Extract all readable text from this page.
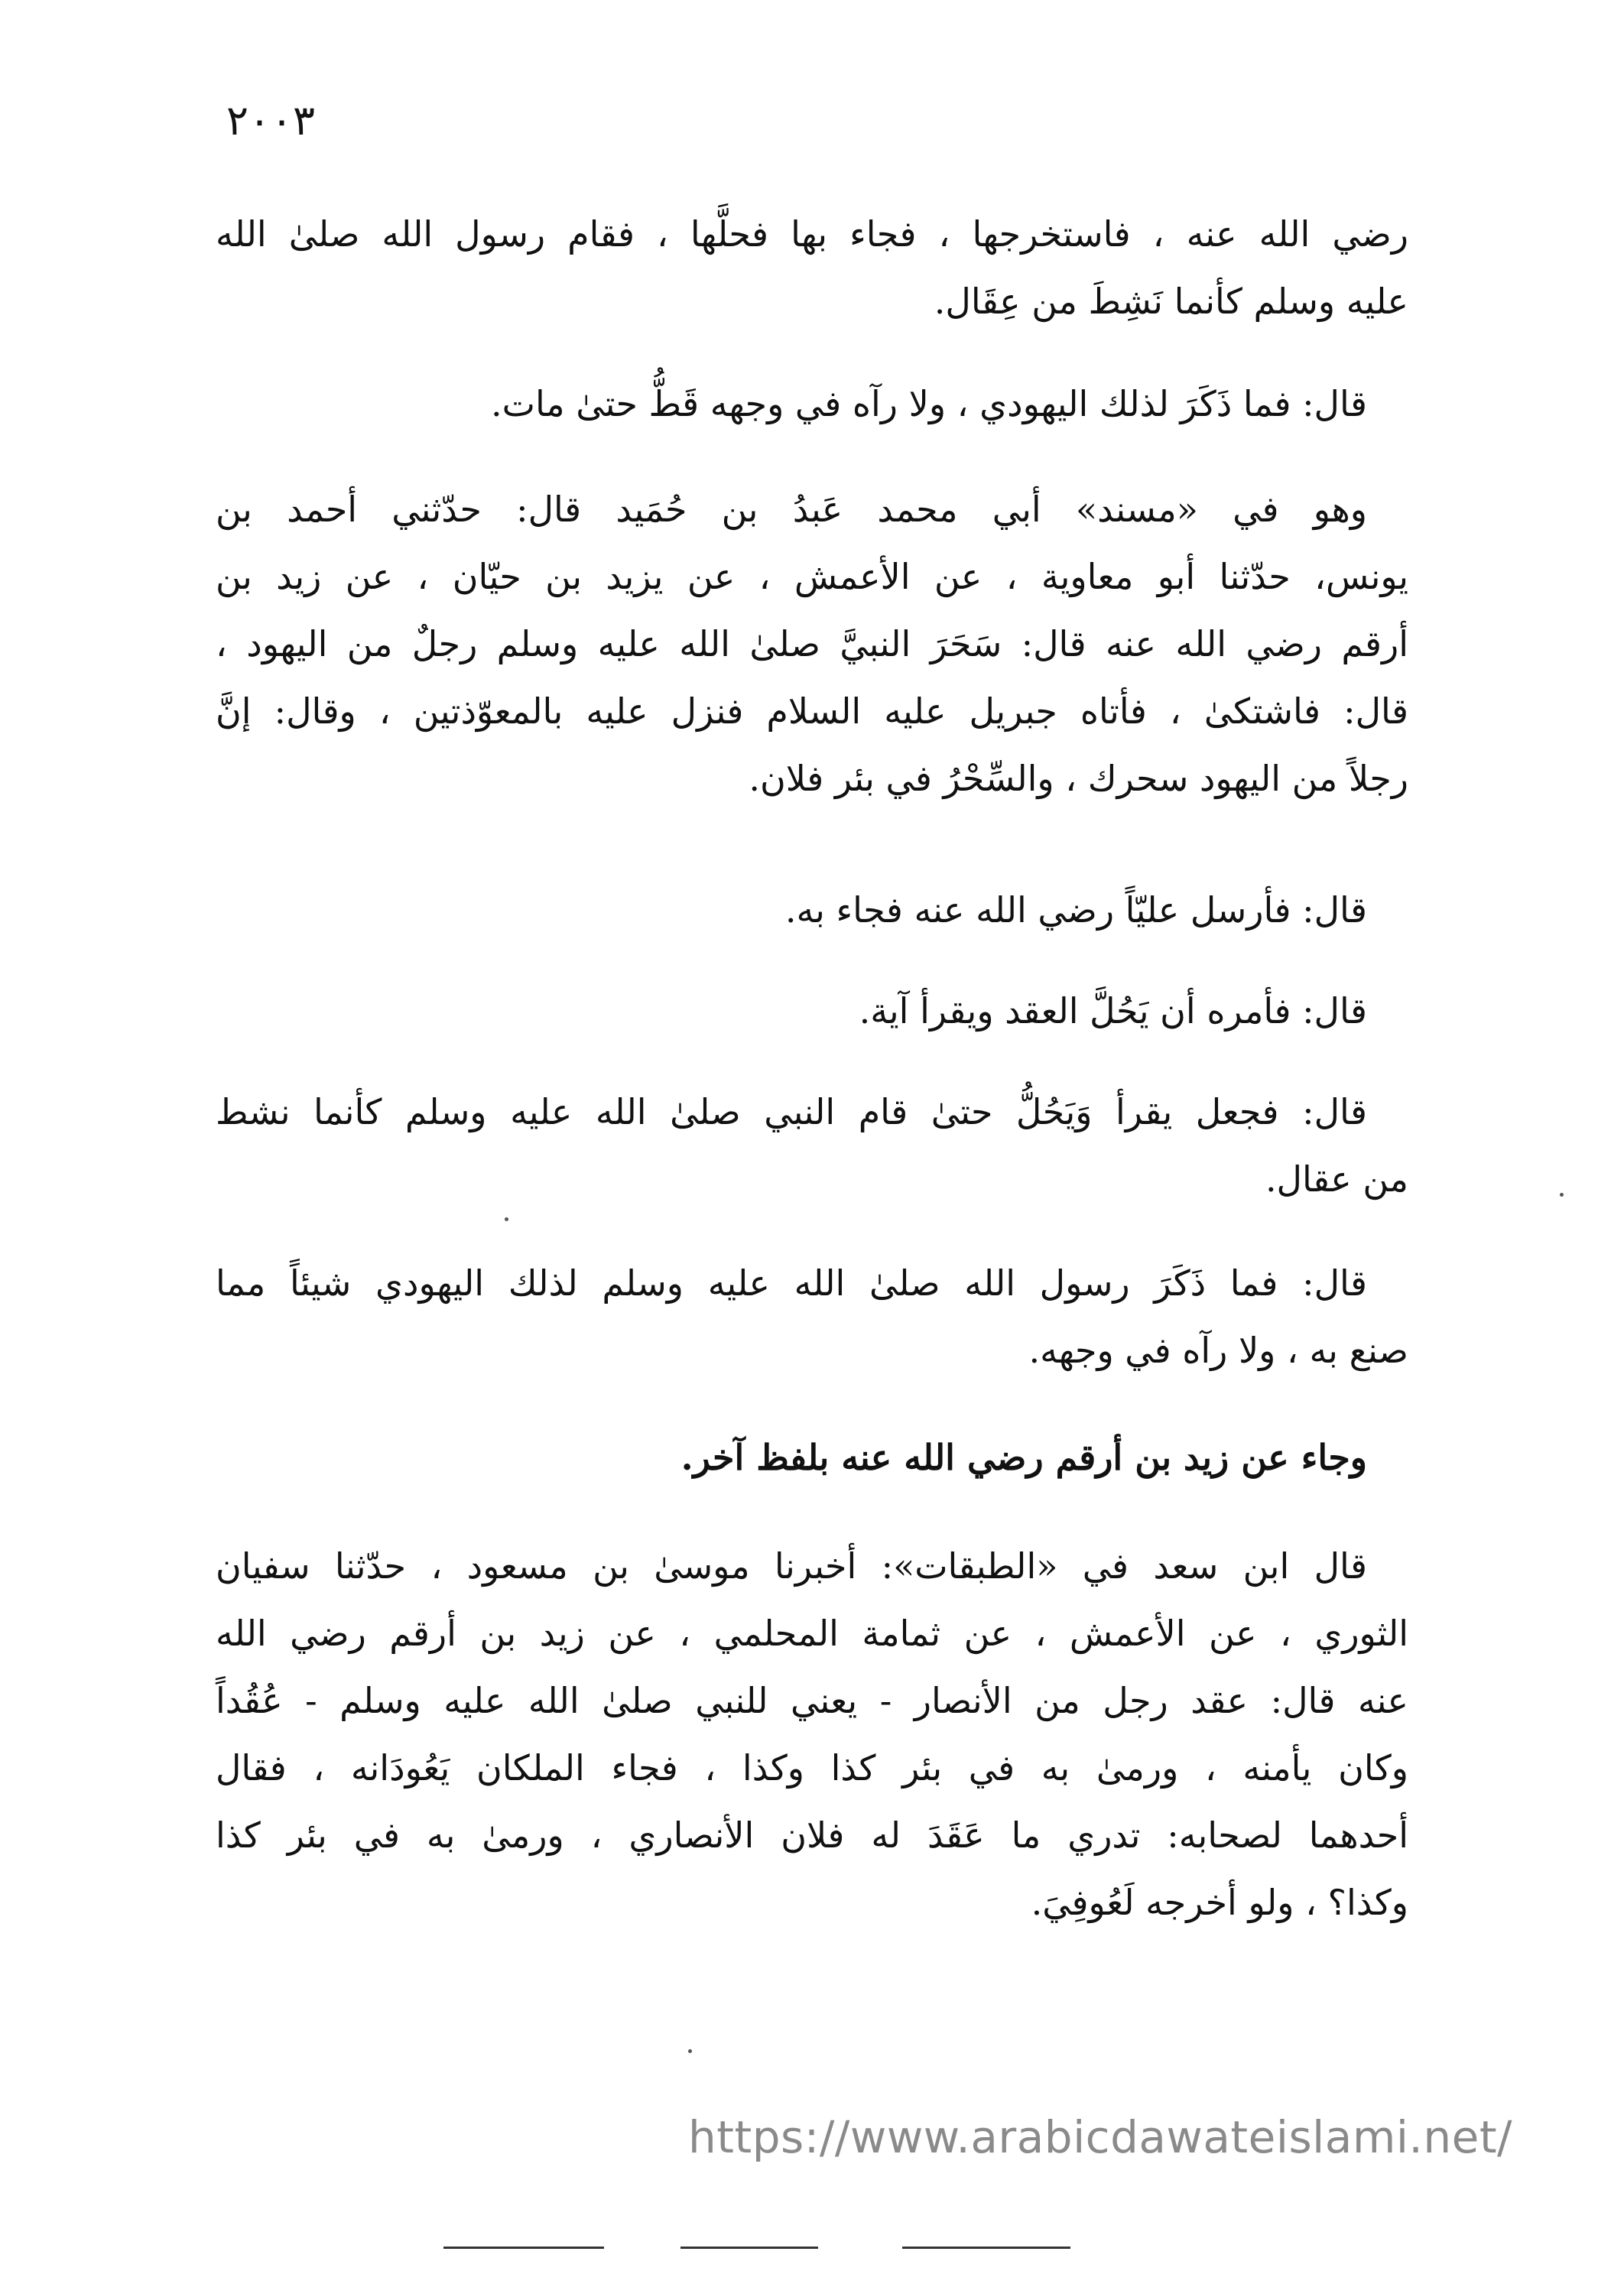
٢٠٠٣
رضي الله عنه ، فاستخرجها ، فجاء بها فحلَّها ، فقام رسول الله صلىٰ الله
عليه وسلم كأنما نَشِطَ من عِقَال.
قال: فما ذَكَرَ لذلك اليهودي ، ولا رآه في وجهه قَطُّ حتىٰ مات.
وهو في «مسند» أبي محمد عَبدُ بن حُمَيد قال: حدّثني أحمد بن
يونس، حدّثنا أبو معاوية ، عن الأعمش ، عن يزيد بن حيّان ، عن زيد بن
أرقم رضي الله عنه قال: سَحَرَ النبيَّ صلىٰ الله عليه وسلم رجلٌ من اليهود ،
قال: فاشتكىٰ ، فأتاه جبريل عليه السلام فنزل عليه بالمعوّذتين ، وقال: إنَّ
رجلاً من اليهود سحرك ، والسِّحْرُ في بئر فلان.
قال: فأرسل عليّاً رضي الله عنه فجاء به.
قال: فأمره أن يَحُلَّ العقد ويقرأ آية.
قال: فجعل يقرأ وَيَحُلُّ حتىٰ قام النبي صلىٰ الله عليه وسلم كأنما نشط
من عقال.
قال: فما ذَكَرَ رسول الله صلىٰ الله عليه وسلم لذلك اليهودي شيئاً مما
صنع به ، ولا رآه في وجهه.
وجاء عن زيد بن أرقم رضي الله عنه بلفظ آخر.
قال ابن سعد في «الطبقات»: أخبرنا موسىٰ بن مسعود ، حدّثنا سفيان
الثوري ، عن الأعمش ، عن ثمامة المحلمي ، عن زيد بن أرقم رضي الله
عنه قال: عقد رجل من الأنصار - يعني للنبي صلىٰ الله عليه وسلم - عُقُداً
وكان يأمنه ، ورمىٰ به في بئر كذا وكذا ، فجاء الملكان يَعُودَانه ، فقال
أحدهما لصحابه: تدري ما عَقَدَ له فلان الأنصاري ، ورمىٰ به في بئر كذا
وكذا؟ ، ولو أخرجه لَعُوفِيَ.
https://www.arabicdawateislami.net/
